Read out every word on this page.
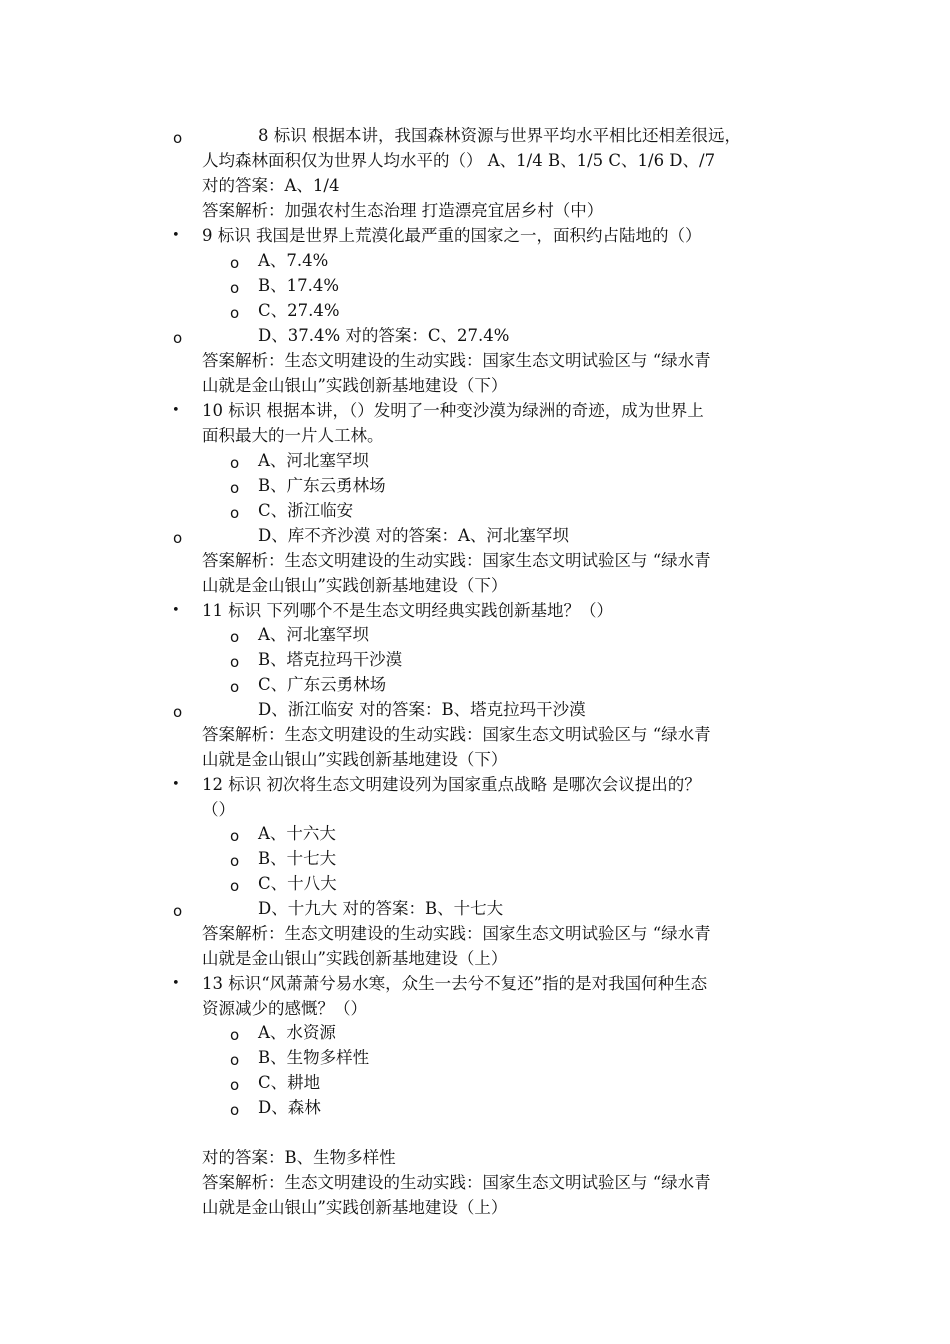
o	8 标识 根据本讲，我国森林资源与世界平均水平相比还相差很远，
人均森林面积仅为世界人均水平的（） A、1/4 B、1/5 C、1/6 D、/7
对的答案：A、1/4
答案解析：加强农村生态治理 打造漂亮宜居乡村（中）
• 9 标识 我国是世界上荒漠化最严重的国家之一，面积约占陆地的（）
o A、7.4%
o B、17.4%
o C、27.4%
o	D、37.4% 对的答案：C、27.4%
答案解析：生态文明建设的生动实践：国家生态文明试验区与 “绿水青
山就是金山银山”实践创新基地建设（下）
• 10 标识 根据本讲，（）发明了一种变沙漠为绿洲的奇迹，成为世界上
面积最大的一片人工林。
o A、河北塞罕坝
o B、广东云勇林场
o C、浙江临安
o	D、库不齐沙漠 对的答案：A、河北塞罕坝
答案解析：生态文明建设的生动实践：国家生态文明试验区与 “绿水青
山就是金山银山”实践创新基地建设（下）
• 11 标识 下列哪个不是生态文明经典实践创新基地？（）
o A、河北塞罕坝
o B、塔克拉玛干沙漠
o C、广东云勇林场
o	D、浙江临安 对的答案：B、塔克拉玛干沙漠
答案解析：生态文明建设的生动实践：国家生态文明试验区与 “绿水青
山就是金山银山”实践创新基地建设（下）
• 12 标识 初次将生态文明建设列为国家重点战略 是哪次会议提出的？
（）
o A、十六大
o B、十七大
o C、十八大
o	D、十九大 对的答案：B、十七大
答案解析：生态文明建设的生动实践：国家生态文明试验区与 “绿水青
山就是金山银山”实践创新基地建设（上）
• 13 标识“风萧萧兮易水寒，众生一去兮不复还”指的是对我国何种生态
资源减少的感慨？（）
o A、水资源
o B、生物多样性
o C、耕地
o D、森林
对的答案：B、生物多样性
答案解析：生态文明建设的生动实践：国家生态文明试验区与 “绿水青
山就是金山银山”实践创新基地建设（上）
